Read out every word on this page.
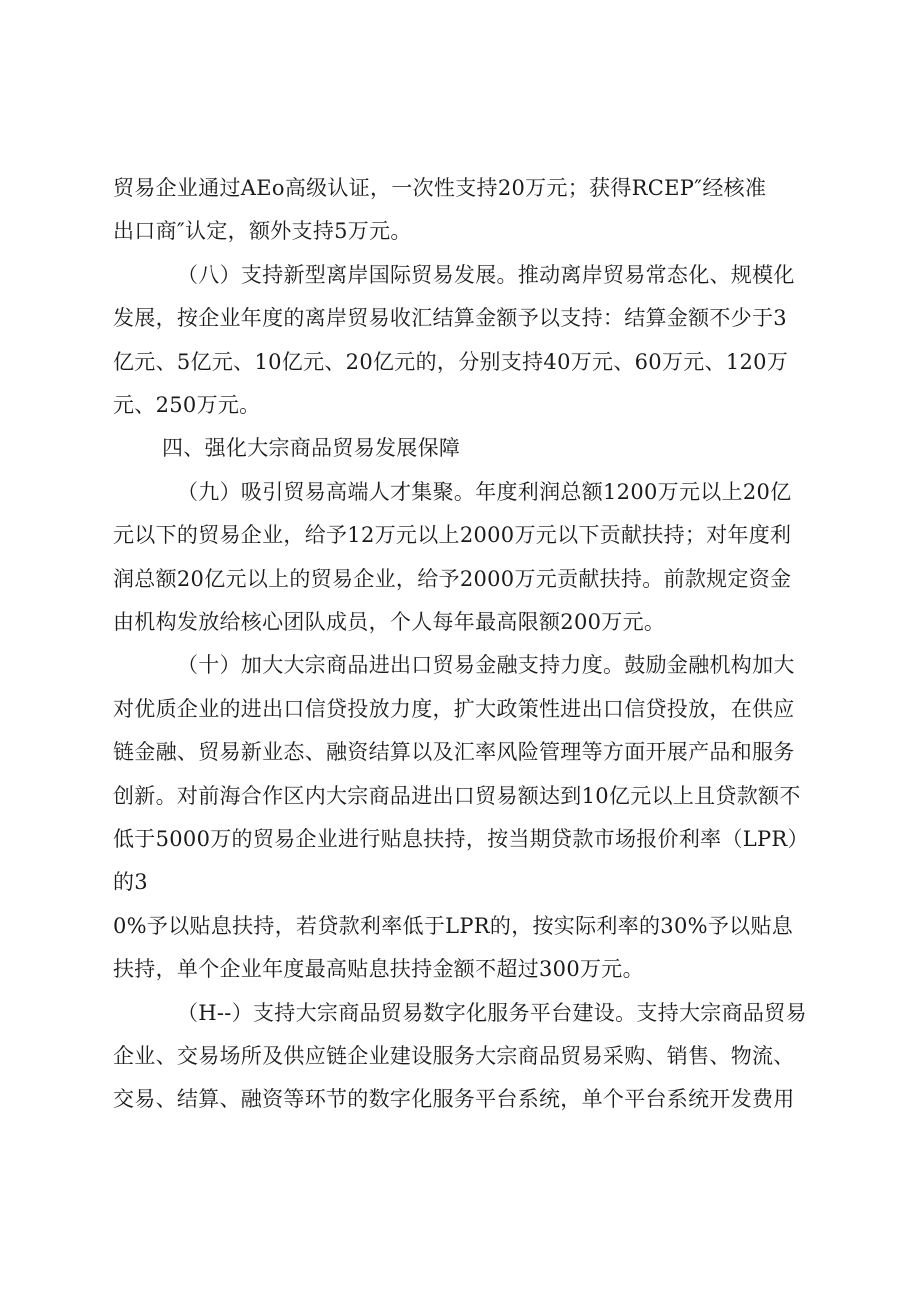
贸易企业通过AEo高级认证，一次性支持20万元；获得RCEP″经核准
出口商″认定，额外支持5万元。
（八）支持新型离岸国际贸易发展。推动离岸贸易常态化、规模化
发展，按企业年度的离岸贸易收汇结算金额予以支持：结算金额不少于3
亿元、5亿元、10亿元、20亿元的，分别支持40万元、60万元、120万
元、250万元。
四、强化大宗商品贸易发展保障
（九）吸引贸易高端人才集聚。年度利润总额1200万元以上20亿
元以下的贸易企业，给予12万元以上2000万元以下贡献扶持；对年度利
润总额20亿元以上的贸易企业，给予2000万元贡献扶持。前款规定资金
由机构发放给核心团队成员，个人每年最高限额200万元。
（十）加大大宗商品进出口贸易金融支持力度。鼓励金融机构加大
对优质企业的进出口信贷投放力度，扩大政策性进出口信贷投放，在供应
链金融、贸易新业态、融资结算以及汇率风险管理等方面开展产品和服务
创新。对前海合作区内大宗商品进出口贸易额达到10亿元以上且贷款额不
低于5000万的贸易企业进行贴息扶持，按当期贷款市场报价利率（LPR）
的3
0%予以贴息扶持，若贷款利率低于LPR的，按实际利率的30%予以贴息
扶持，单个企业年度最高贴息扶持金额不超过300万元。
（H--）支持大宗商品贸易数字化服务平台建设。支持大宗商品贸易
企业、交易场所及供应链企业建设服务大宗商品贸易采购、销售、物流、
交易、结算、融资等环节的数字化服务平台系统，单个平台系统开发费用
